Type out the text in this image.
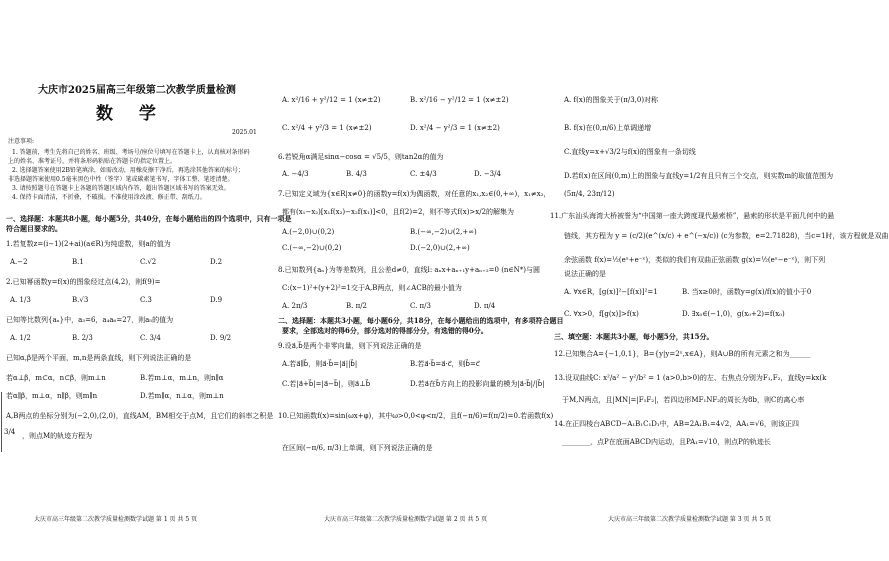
大庆市2025届高三年级第二次教学质量检测
数 学
2025.01
注意事项:
1. 答题前，考生先将自己的姓名、班级、考场号/座位号填写在答题卡上，认真核对条形码
上的姓名、准考证号，并将条形码粘贴在答题卡的指定位置上。
2. 选择题答案使用2B铅笔填涂，如需改动，用橡皮擦干净后，再选涂其他答案的标号；
非选择题答案使用0.5毫米黑色中性（签字）笔或碳素笔书写，字体工整、笔迹清楚。
3. 请按照题号在答题卡上各题的答题区域内作答，超出答题区域书写的答案无效。
4. 保持卡面清洁，不折叠，不破损。不准使用涂改液、修正带、刮纸刀。
一、选择题：本题共8小题，每小题5分，共40分，在每小题给出的四个选项中，只有一项是
符合题目要求的。
1.若复数z=(i−1)(2+ai)(a∈R)为纯虚数，则a的值为
A.−2	B.1	C.√2	D.2
2.已知幂函数y=f(x)的图象经过点(4,2)，则f(9)=
A. 1/3	B.√3	C.3	D.9
已知等比数列{aₙ}中，a₃=6，a₄a₆=27，则a₅的值为
A. 1/2	B. 2/3	C. 3/4	D. 9/2
已知α,β是两个平面，m,n是两条直线，则下列说法正确的是
若α⊥β，m⊂α，n⊂β，则m⊥n	B.若m⊥α，m⊥n，则n∥α
若α∥β，m⊥α，n∥β，则m∥n	D.若m∥α，n⊥α，则m⊥n
A,B两点的坐标分别为(−2,0),(2,0)，直线AM，BM相交于点M，且它们的斜率之积是
3/4 ，则点M的轨迹方程为
大庆市高三年级第二次教学质量检测数学试题 第 1 页 共 5 页
A. x²/16 + y²/12 = 1 (x≠±2)	B. x²/16 − y²/12 = 1 (x≠±2)
C. x²/4 + y²/3 = 1 (x≠±2)	D. x²/4 − y²/3 = 1 (x≠±2)
6.若锐角α满足sinα−cosα = √5/5，则tan2α的值为
A. −4/3	B. 4/3	C. ±4/3	D. −3/4
7.已知定义域为{x∈R|x≠0}的函数y=f(x)为偶函数，对任意的x₁,x₂∈(0,+∞)，x₁≠x₂，
都有(x₁−x₂)[x₁f(x₂)−x₂f(x₁)]<0，且f(2)=2，则不等式f(x)>x/2的解集为
A.(−2,0)∪(0,2)	B.(−∞,−2)∪(2,+∞)
C.(−∞,−2)∪(0,2)	D.(−2,0)∪(2,+∞)
8.已知数列{aₙ}为等差数列，且公差d≠0，直线l: aₙx+aₙ₊₁y+aₙ₊₂=0 (n∈N*)与圆
C:(x−1)²+(y+2)²=1交于A,B两点，则∠ACB的最小值为
A. 2π/3	B. π/2	C. π/3	D. π/4
二、选择题：本题共3小题，每小题6分，共18分，在每小题给出的选项中，有多项符合题目
要求，全部选对的得6分，部分选对的得部分分，有选错的得0分。
9.设a⃗,b⃗是两个非零向量，则下列说法正确的是
A.若a⃗∥b⃗，则a⃗·b⃗=|a⃗||b⃗|	B.若a⃗·b⃗=a⃗·c⃗，则b⃗=c⃗
C.若|a⃗+b⃗|=|a⃗−b⃗|，则a⃗⊥b⃗	D.若a⃗在b⃗方向上的投影向量的模为|a⃗·b⃗|/|b⃗|
10.已知函数f(x)=sin(ωx+φ)，其中ω>0,0<φ<π/2，且f(−π/6)=f(π/2)=0.若函数f(x)
在区间(−π/6, π/3)上单调，则下列说法正确的是
大庆市高三年级第二次教学质量检测数学试题 第 2 页 共 5 页
A. f(x)的图象关于(π/3,0)对称
B. f(x)在(0,π/6)上单调递增
C.直线y=x+√3/2与f(x)的图象有一条切线
D.若f(x)在区间(0,m)上的图象与直线y=1/2有且只有三个交点，则实数m的取值范围为
(5π/4, 23π/12)
11.广东汕头海湾大桥被誉为“中国第一座大跨度现代悬索桥”，悬索的形状是平面几何中的悬
链线，其方程为 y = (c/2)(e^(x/c) + e^(−x/c)) (c为参数，e=2.71828)，当c=1时，该方程就是双曲
余弦函数 f(x)=½(eˣ+e⁻ˣ)，类似的我们有双曲正弦函数 g(x)=½(eˣ−e⁻ˣ)，则下列
说法正确的是
A. ∀x∈R，[g(x)]²−[f(x)]²=1	B. 当x≥0时，函数y=g(x)/f(x)的值小于0
C. ∀x>0，f[g(x)]>f(x)	D. ∃x₀∈(−1,0)，g(x₀+2)=f(x₀)
三、填空题：本题共3小题，每小题5分，共15分。
12.已知集合A={−1,0,1}，B={y|y=2ˣ,x∈A}，则A∪B的所有元素之和为______
13.设双曲线C: x²/a² − y²/b² = 1 (a>0,b>0)的左、右焦点分别为F₁,F₂，直线y=kx(k
于M,N两点，且|MN|=|F₁F₂|，若四边形MF₁NF₂的周长为8b，则C的离心率
14.在正四棱台ABCD−A₁B₁C₁D₁中，AB=2A₁B₁=4√2，AA₁=√6，则该正四
________，点P在底面ABCD内运动，且PA₁=√10，则点P的轨迹长
大庆市高三年级第二次教学质量检测数学试题 第 3 页 共 5 页
